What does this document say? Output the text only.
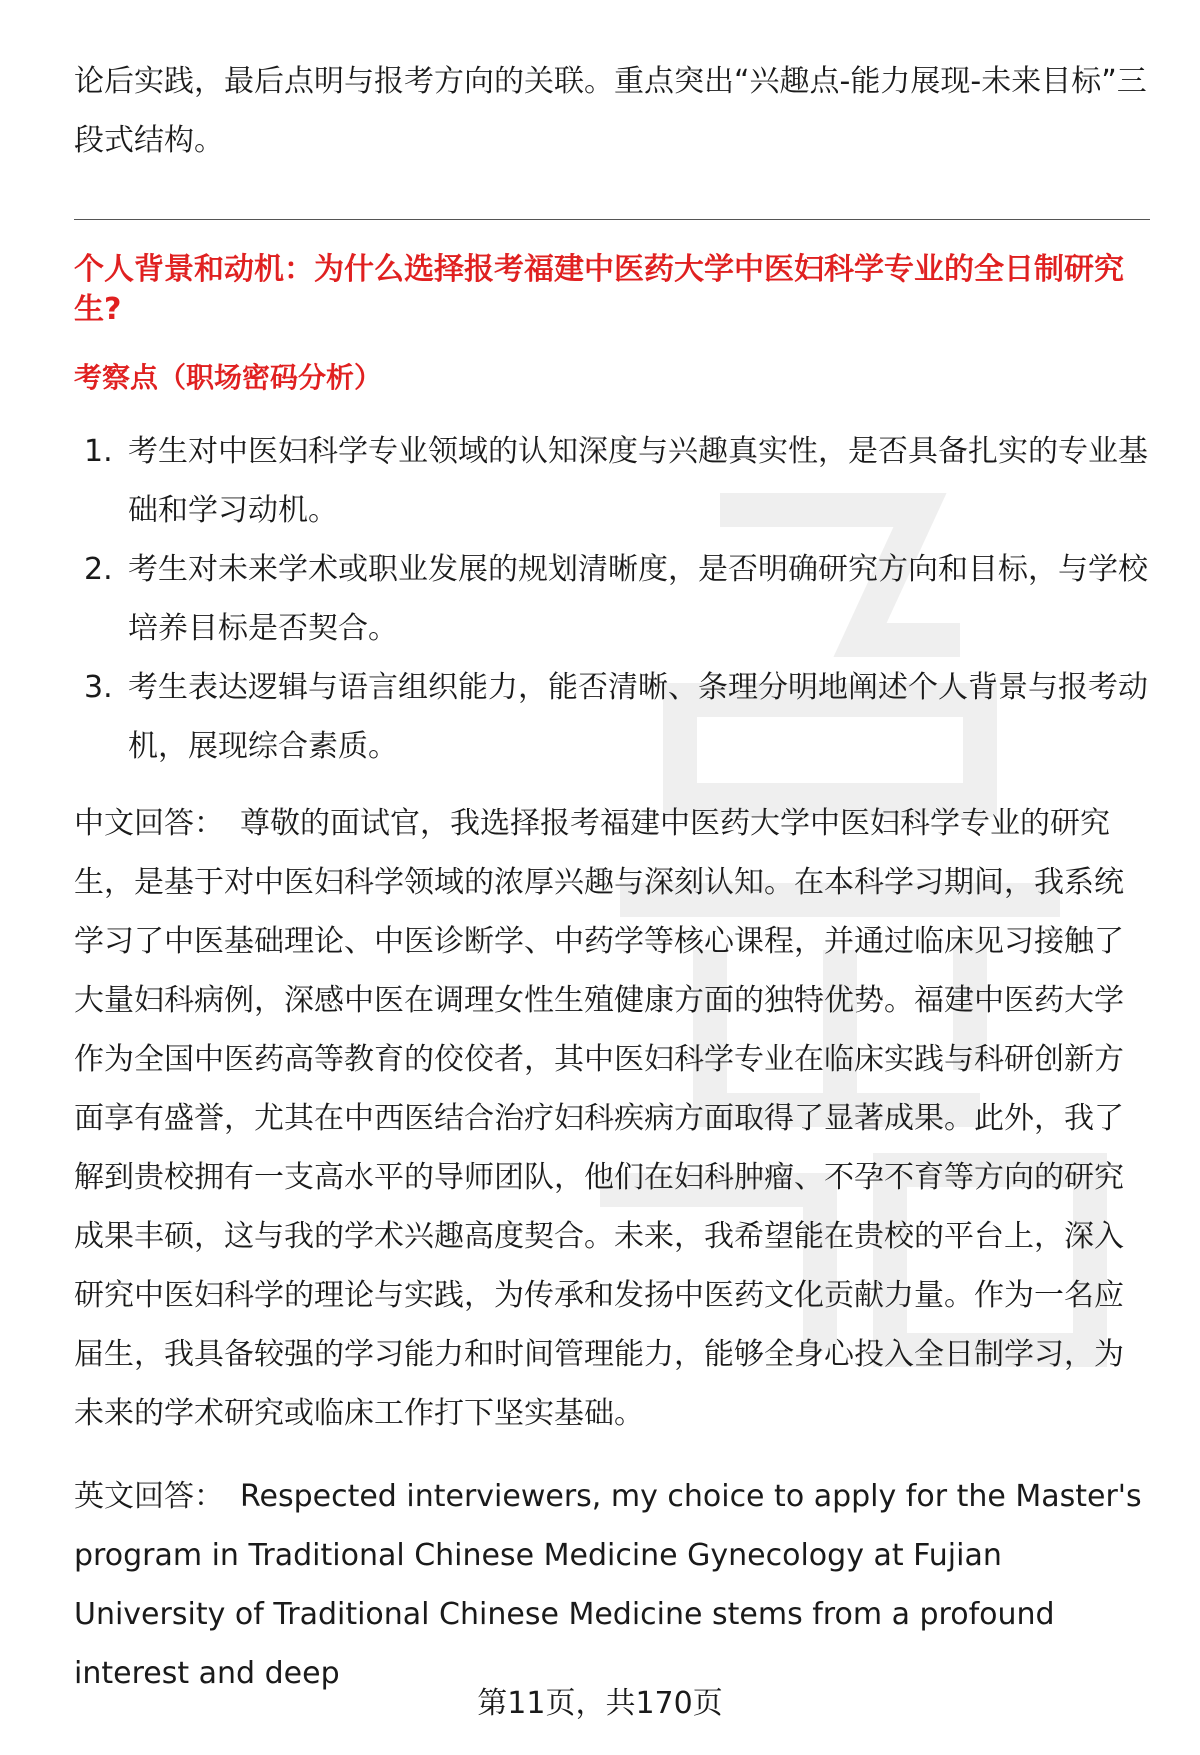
论后实践，最后点明与报考方向的关联。重点突出“兴趣点-能力展现-未来目标”三段式结构。

个人背景和动机：为什么选择报考福建中医药大学中医妇科学专业的全日制研究生?

考察点（职场密码分析）

1. 考生对中医妇科学专业领域的认知深度与兴趣真实性，是否具备扎实的专业基础和学习动机。
2. 考生对未来学术或职业发展的规划清晰度，是否明确研究方向和目标，与学校培养目标是否契合。
3. 考生表达逻辑与语言组织能力，能否清晰、条理分明地阐述个人背景与报考动机，展现综合素质。

中文回答： 尊敬的面试官，我选择报考福建中医药大学中医妇科学专业的研究生，是基于对中医妇科学领域的浓厚兴趣与深刻认知。在本科学习期间，我系统学习了中医基础理论、中医诊断学、中药学等核心课程，并通过临床见习接触了大量妇科病例，深感中医在调理女性生殖健康方面的独特优势。福建中医药大学作为全国中医药高等教育的佼佼者，其中医妇科学专业在临床实践与科研创新方面享有盛誉，尤其在中西医结合治疗妇科疾病方面取得了显著成果。此外，我了解到贵校拥有一支高水平的导师团队，他们在妇科肿瘤、不孕不育等方向的研究成果丰硕，这与我的学术兴趣高度契合。未来，我希望能在贵校的平台上，深入研究中医妇科学的理论与实践，为传承和发扬中医药文化贡献力量。作为一名应届生，我具备较强的学习能力和时间管理能力，能够全身心投入全日制学习，为未来的学术研究或临床工作打下坚实基础。

英文回答： Respected interviewers, my choice to apply for the Master's program in Traditional Chinese Medicine Gynecology at Fujian University of Traditional Chinese Medicine stems from a profound interest and deep

第11页，共170页
